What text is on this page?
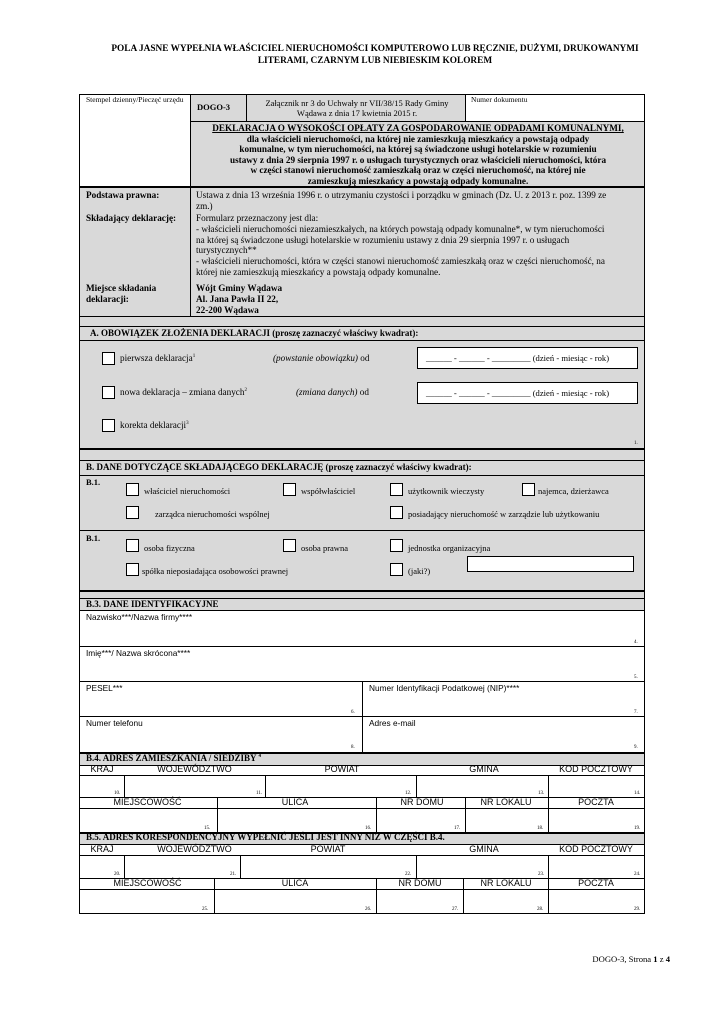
POLA JASNE WYPEŁNIA WŁAŚCICIEL NIERUCHOMOŚCI KOMPUTEROWO LUB RĘCZNIE, DUŻYMI, DRUKOWANYMI
LITERAMI, CZARNYM LUB NIEBIESKIM KOLOREM
Stempel dzienny/Pieczęć urzędu
DOGO-3	Załącznik nr 3 do Uchwały nr VII/38/15 Rady Gminy
Wądawa z dnia 17 kwietnia 2015 r.
Numer dokumentu
DEKLARACJA O WYSOKOŚCI OPŁATY ZA GOSPODAROWANIE ODPADAMI KOMUNALNYMI,
dla właścicieli nieruchomości, na której nie zamieszkują mieszkańcy a powstają odpady
komunalne, w tym nieruchomości, na której są świadczone usługi hotelarskie w rozumieniu
ustawy z dnia 29 sierpnia 1997 r. o usługach turystycznych oraz właścicieli nieruchomości, która
w części stanowi nieruchomość zamieszkałą oraz w części nieruchomość, na której nie
zamieszkują mieszkańcy a powstają odpady komunalne.
Podstawa prawna:	Ustawa z dnia 13 września 1996 r. o utrzymaniu czystości i porządku w gminach (Dz. U. z 2013 r. poz. 1399 ze
zm.)
Składający deklarację: Formularz przeznaczony jest dla:
- właścicieli nieruchomości niezamieszkałych, na których powstają odpady komunalne*, w tym nieruchomości
na której są świadczone usługi hotelarskie w rozumieniu ustawy z dnia 29 sierpnia 1997 r. o usługach
turystycznych**
- właścicieli nieruchomości, która w części stanowi nieruchomość zamieszkałą oraz w części nieruchomość, na
której nie zamieszkują mieszkańcy a powstają odpady komunalne.
Miejsce składania
deklaracji:
Wójt Gminy Wądawa
Al. Jana Pawła II 22,
22-200 Wądawa
A. OBOWIĄZEK ZŁOŻENIA DEKLARACJI (proszę zaznaczyć właściwy kwadrat):
pierwsza deklaracja$^1$	(powstanie obowiązku) od	______ - ______ - _________ (dzień - miesiąc - rok)
nowa deklaracja – zmiana danych$^2$	(zmiana danych) od	______ - ______ - _________ (dzień - miesiąc - rok)
korekta deklaracji$^3$
1.
B. DANE DOTYCZĄCE SKŁADAJĄCEGO DEKLARACJĘ (proszę zaznaczyć właściwy kwadrat):
B.1.
właściciel nieruchomości	współwłaściciel	użytkownik wieczysty	najemca, dzierżawca
zarządca nieruchomości wspólnej	posiadający nieruchomość w zarządzie lub użytkowaniu
B.1.
osoba fizyczna	osoba prawna	jednostka organizacyjna
spółka nieposiadająca osobowości prawnej	(jaki?)
B.3. DANE IDENTYFIKACYJNE
Nazwisko***/Nazwa firmy****
4.
Imię***/ Nazwa skrócona****
5.
PESEL***
6.
Numer Identyfikacji Podatkowej (NIP)****
7.
Numer telefonu
8.
Adres e-mail
9.
B.4. ADRES ZAMIESZKANIA / SIEDZIBY $^4$
KRAJ	WOJEWÓDZTWO	POWIAT	GMINA	KOD POCZTOWY
10.	11.	12.	13.	14.
MIEJSCOWOŚĆ	ULICA	NR DOMU	NR LOKALU	POCZTA
15.	16.	17.	18.	19.
B.5. ADRES KORESPONDENCYJNY WYPEŁNIĆ JEŚLI JEST INNY NIŻ W CZĘŚCI B.4.
KRAJ	WOJEWÓDZTWO	POWIAT	GMINA	KOD POCZTOWY
20.	21.	22.	23.	24.
MIEJSCOWOŚĆ	ULICA	NR DOMU	NR LOKALU	POCZTA
25.	26.	27.	28.	29.
DOGO-3, Strona 1 z 4
